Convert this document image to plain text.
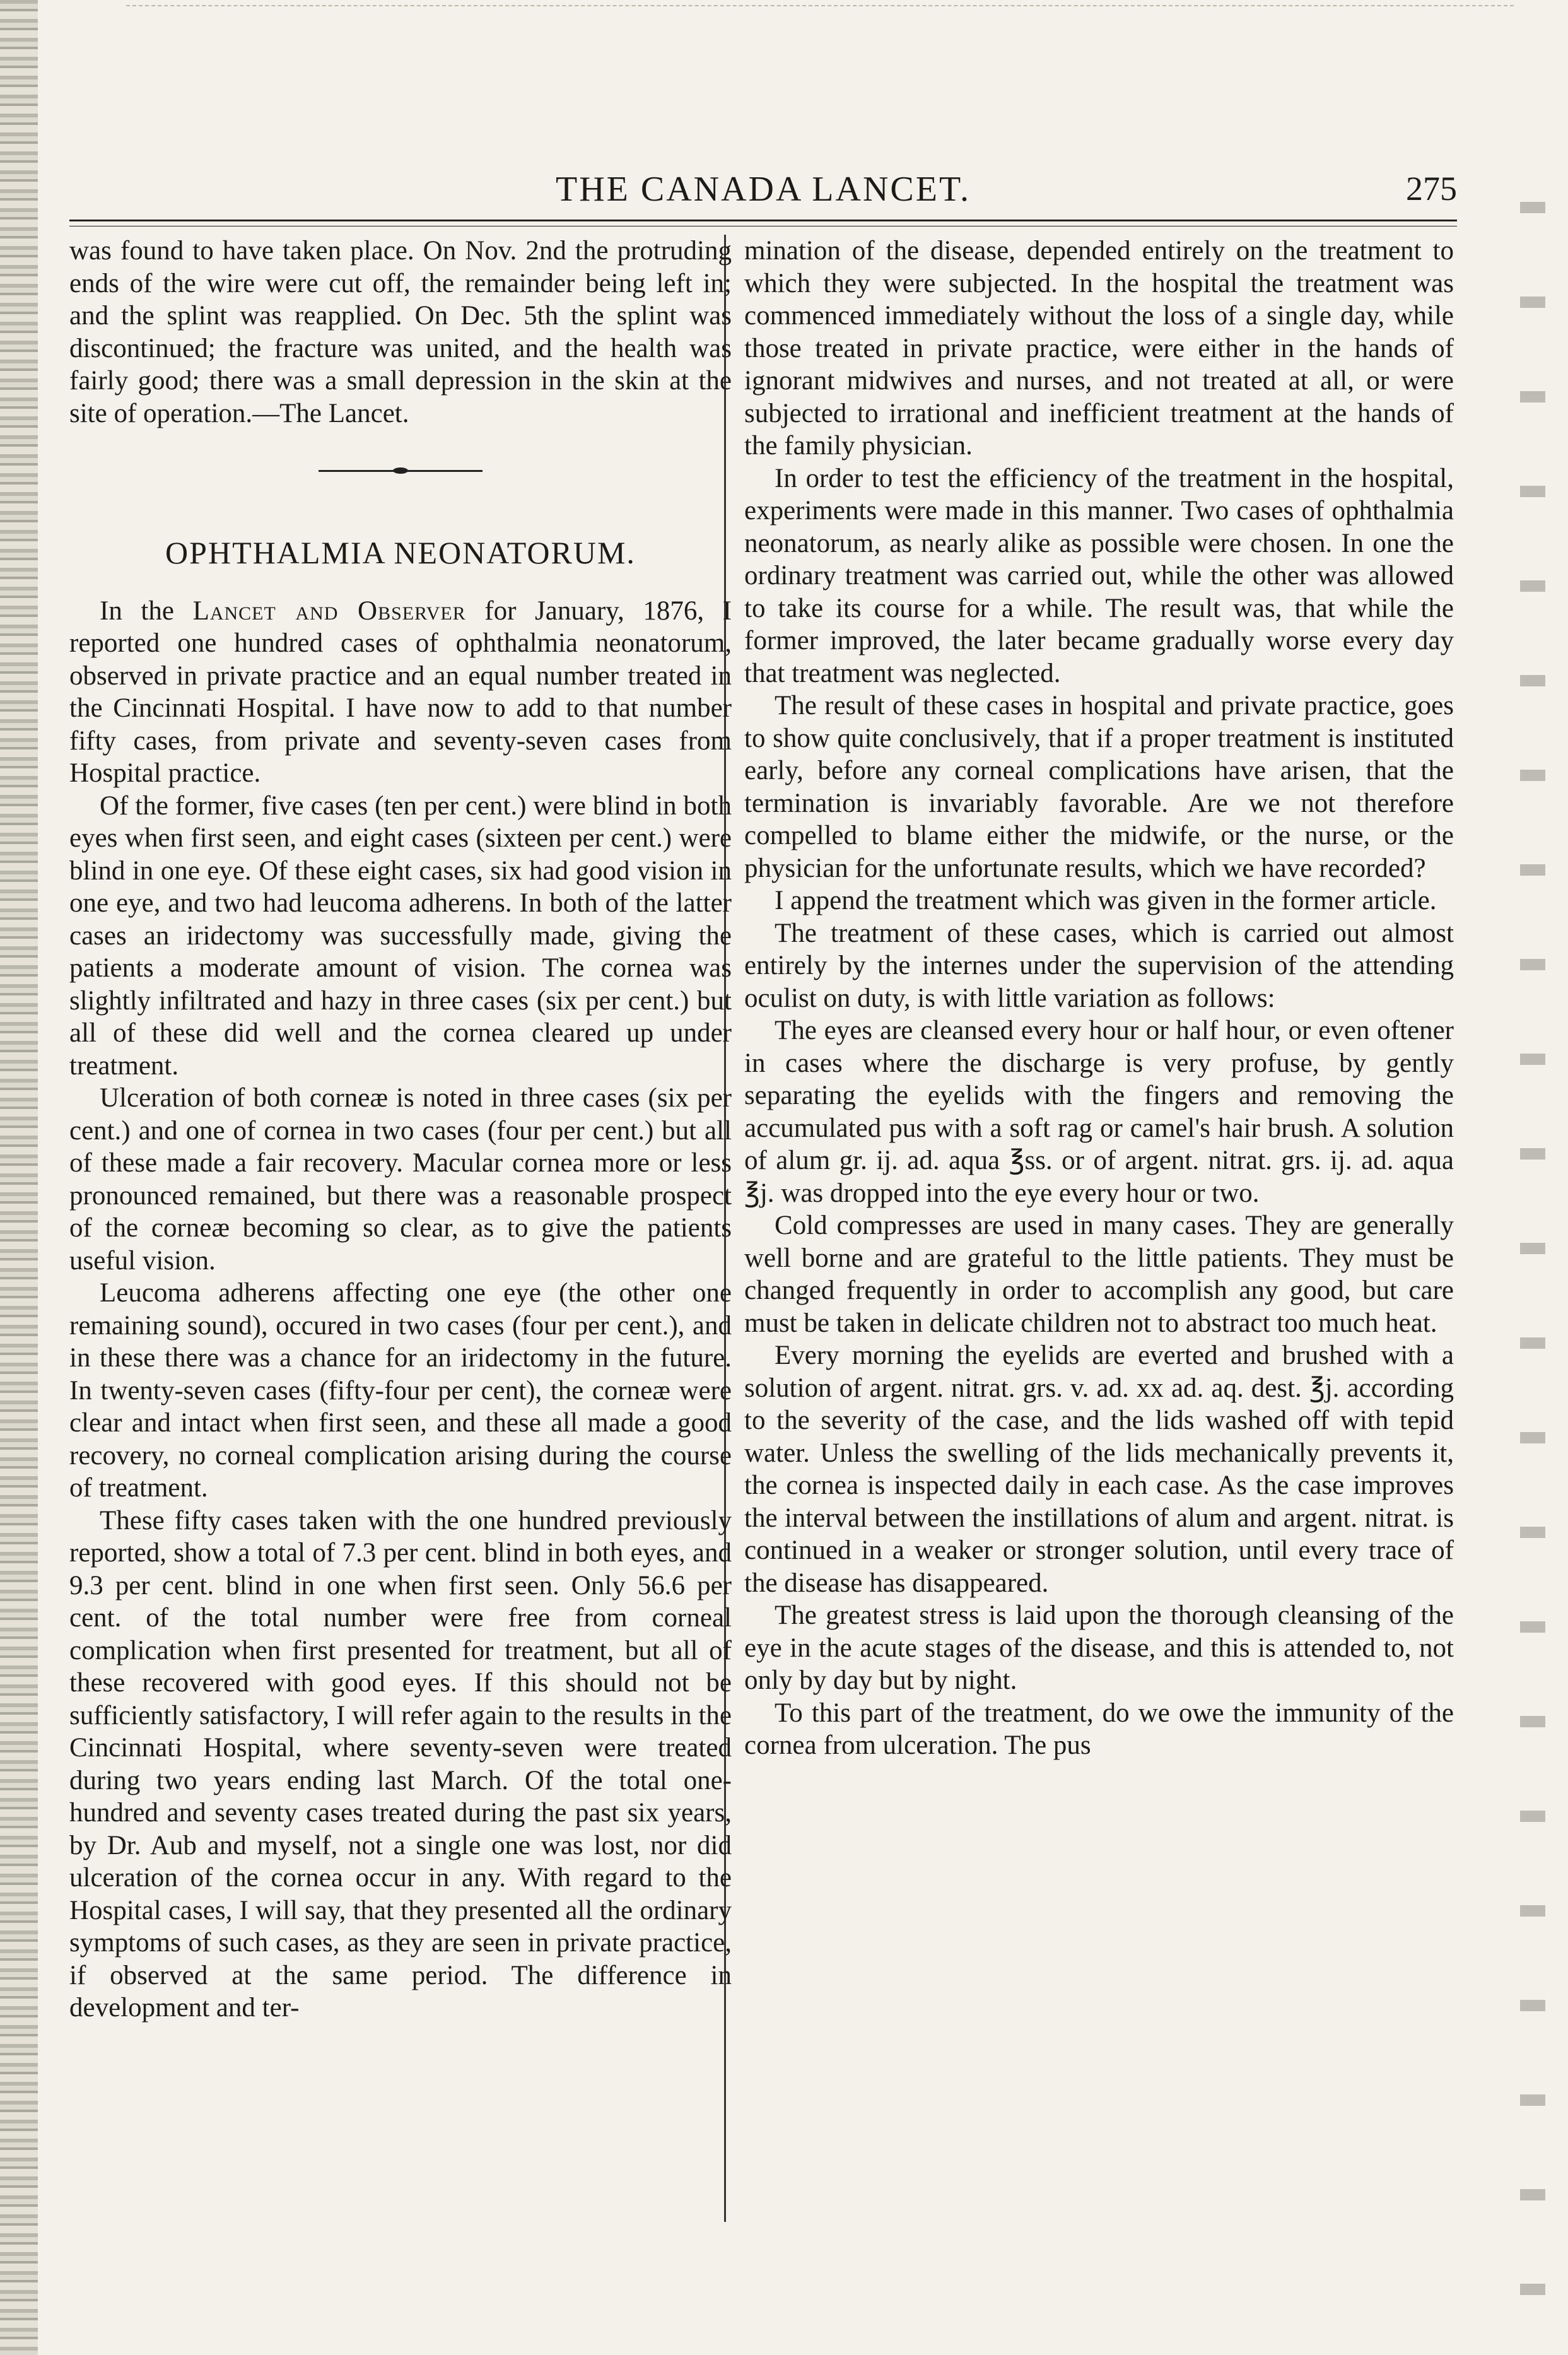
THE CANADA LANCET.	275

was found to have taken place. On Nov. 2nd the protruding ends of the wire were cut off, the remainder being left in; and the splint was reapplied. On Dec. 5th the splint was discontinued; the fracture was united, and the health was fairly good; there was a small depression in the skin at the site of operation.—The Lancet.

OPHTHALMIA NEONATORUM.

In the Lancet and Observer for January, 1876, I reported one hundred cases of ophthalmia neonatorum, observed in private practice and an equal number treated in the Cincinnati Hospital. I have now to add to that number fifty cases, from private and seventy-seven cases from Hospital practice.

Of the former, five cases (ten per cent.) were blind in both eyes when first seen, and eight cases (sixteen per cent.) were blind in one eye. Of these eight cases, six had good vision in one eye, and two had leucoma adherens. In both of the latter cases an iridectomy was successfully made, giving the patients a moderate amount of vision. The cornea was slightly infiltrated and hazy in three cases (six per cent.) but all of these did well and the cornea cleared up under treatment.

Ulceration of both corneæ is noted in three cases (six per cent.) and one of cornea in two cases (four per cent.) but all of these made a fair recovery. Macular cornea more or less pronounced remained, but there was a reasonable prospect of the corneæ becoming so clear, as to give the patients useful vision.

Leucoma adherens affecting one eye (the other one remaining sound), occured in two cases (four per cent.), and in these there was a chance for an iridectomy in the future. In twenty-seven cases (fifty-four per cent), the corneæ were clear and intact when first seen, and these all made a good recovery, no corneal complication arising during the course of treatment.

These fifty cases taken with the one hundred previously reported, show a total of 7.3 per cent. blind in both eyes, and 9.3 per cent. blind in one when first seen. Only 56.6 per cent. of the total number were free from corneal complication when first presented for treatment, but all of these recovered with good eyes. If this should not be sufficiently satisfactory, I will refer again to the results in the Cincinnati Hospital, where seventy-seven were treated during two years ending last March. Of the total one-hundred and seventy cases treated during the past six years, by Dr. Aub and myself, not a single one was lost, nor did ulceration of the cornea occur in any. With regard to the Hospital cases, I will say, that they presented all the ordinary symptoms of such cases, as they are seen in private practice, if observed at the same period. The difference in development and ter-

mination of the disease, depended entirely on the treatment to which they were subjected. In the hospital the treatment was commenced immediately without the loss of a single day, while those treated in private practice, were either in the hands of ignorant midwives and nurses, and not treated at all, or were subjected to irrational and inefficient treatment at the hands of the family physician.

In order to test the efficiency of the treatment in the hospital, experiments were made in this manner. Two cases of ophthalmia neonatorum, as nearly alike as possible were chosen. In one the ordinary treatment was carried out, while the other was allowed to take its course for a while. The result was, that while the former improved, the later became gradually worse every day that treatment was neglected.

The result of these cases in hospital and private practice, goes to show quite conclusively, that if a proper treatment is instituted early, before any corneal complications have arisen, that the termination is invariably favorable. Are we not therefore compelled to blame either the midwife, or the nurse, or the physician for the unfortunate results, which we have recorded?

I append the treatment which was given in the former article.

The treatment of these cases, which is carried out almost entirely by the internes under the supervision of the attending oculist on duty, is with little variation as follows:

The eyes are cleansed every hour or half hour, or even oftener in cases where the discharge is very profuse, by gently separating the eyelids with the fingers and removing the accumulated pus with a soft rag or camel's hair brush. A solution of alum gr. ij. ad. aqua ℥ss. or of argent. nitrat. grs. ij. ad. aqua ℥j. was dropped into the eye every hour or two.

Cold compresses are used in many cases. They are generally well borne and are grateful to the little patients. They must be changed frequently in order to accomplish any good, but care must be taken in delicate children not to abstract too much heat.

Every morning the eyelids are everted and brushed with a solution of argent. nitrat. grs. v. ad. xx ad. aq. dest. ℥j. according to the severity of the case, and the lids washed off with tepid water. Unless the swelling of the lids mechanically prevents it, the cornea is inspected daily in each case. As the case improves the interval between the instillations of alum and argent. nitrat. is continued in a weaker or stronger solution, until every trace of the disease has disappeared.

The greatest stress is laid upon the thorough cleansing of the eye in the acute stages of the disease, and this is attended to, not only by day but by night.

To this part of the treatment, do we owe the immunity of the cornea from ulceration. The pus
